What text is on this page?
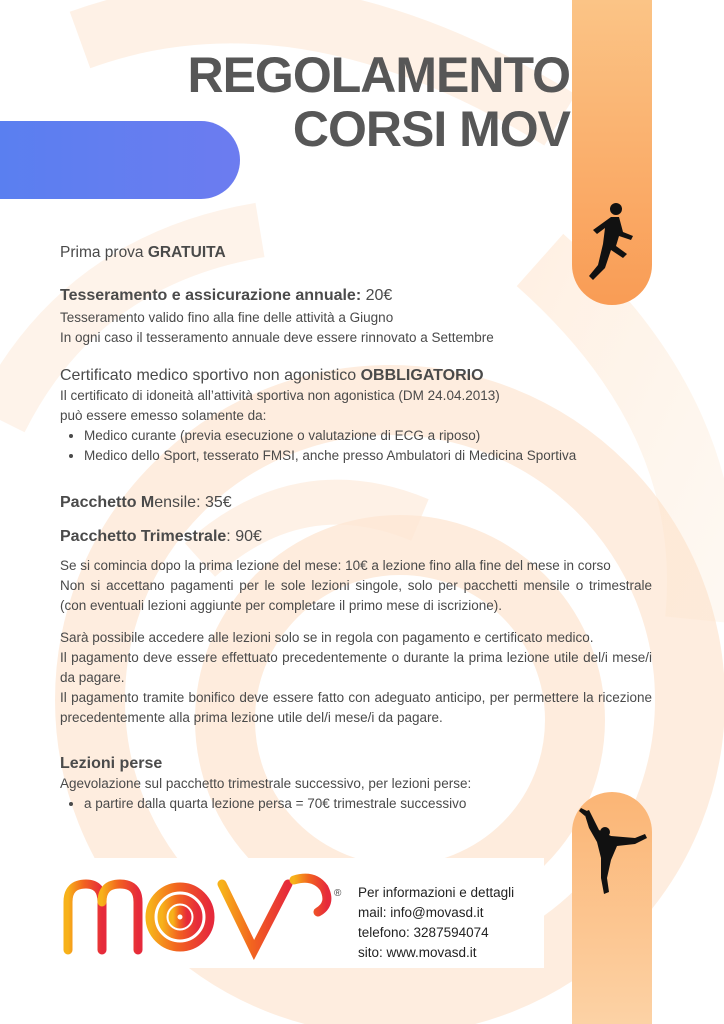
REGOLAMENTO
CORSI MOV
Prima prova GRATUITA
Tesseramento e assicurazione annuale: 20€
Tesseramento valido fino alla fine delle attività a Giugno
In ogni caso il tesseramento annuale deve essere rinnovato a Settembre
Certificato medico sportivo non agonistico OBBLIGATORIO
Il certificato di idoneità all’attività sportiva non agonistica (DM 24.04.2013)
può essere emesso solamente da:
• Medico curante (previa esecuzione o valutazione di ECG a riposo)
• Medico dello Sport, tesserato FMSI, anche presso Ambulatori di Medicina Sportiva
Pacchetto Mensile: 35€
Pacchetto Trimestrale: 90€
Se si comincia dopo la prima lezione del mese: 10€ a lezione fino alla fine del mese in corso
Non si accettano pagamenti per le sole lezioni singole, solo per pacchetti mensile o trimestrale (con eventuali lezioni aggiunte per completare il primo mese di iscrizione).
Sarà possibile accedere alle lezioni solo se in regola con pagamento e certificato medico.
Il pagamento deve essere effettuato precedentemente o durante la prima lezione utile del/i mese/i da pagare.
Il pagamento tramite bonifico deve essere fatto con adeguato anticipo, per permettere la ricezione precedentemente alla prima lezione utile del/i mese/i da pagare.
Lezioni perse
Agevolazione sul pacchetto trimestrale successivo, per lezioni perse:
• a partire dalla quarta lezione persa = 70€ trimestrale successivo
® Per informazioni e dettagli
mail: info@movasd.it
telefono: 3287594074
sito: www.movasd.it
